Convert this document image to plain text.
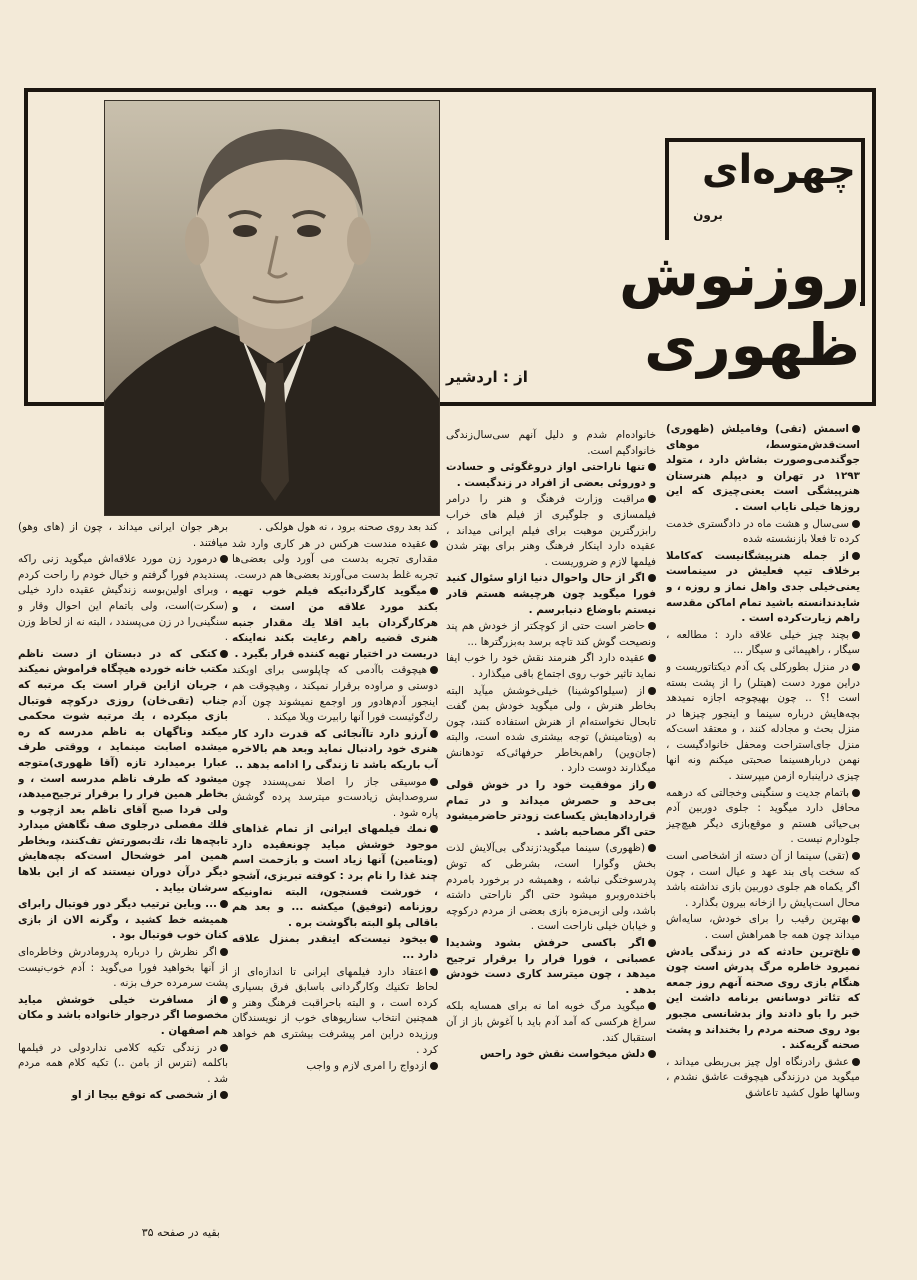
چهره‌ای
برون
روزنوش ظهوری
از : اردشیر

اسمش (تقی) وفامیلش (ظهوری) است‌قدش‌متوسط، موهای جوگندمی‌وصورت بشاش دارد ، متولد ۱۲۹۳ در تهران و دیپلم هنرستان هنرپیشگی است یعنی‌چیزی که این روزها خیلی نایاب است .

سی‌سال و هشت ماه در دادگستری خدمت کرده تا فعلا بازنشسته شده

از جمله هنرپیشگانیست که‌کاملا برخلاف تیپ فعلیش در سینماست یعنی‌خیلی جدی واهل نماز و روزه ، و شایدندانسته باشید تمام اماکن مقدسه راهم زیارت‌کرده است .

بچند چیز خیلی علاقه دارد : مطالعه ، سیگار ، راهپیمائی و سیگار ...

در منزل بطورکلی یک آدم دیکتاتوریست و دراین مورد دست (هیتلر) را از پشت بسته است !؟ .. چون بهیچوجه اجازه نمیدهد بچه‌هایش درباره سینما و اینجور چیزها در منزل بحث و مجادله کنند ، و معتقد است‌که منزل جای‌استراحت ومحفل خانوادگیست ، نهمن دربارهسینما صحبتی میکنم ونه انها چیزی دراینباره ازمن میپرسند .

باتمام جدیت و سنگینی وخجالتی که درهمه محافل دارد میگوید : جلوی دوربین آدم بی‌حیائی هستم و موقع‌بازی دیگر هیچ‌چیز جلودارم نیست .

(تقی) سینما از آن دسته از اشخاصی است که سخت پای بند عهد و عیال است ، چون اگر یکماه هم جلوی دوربین بازی نداشته باشد محال است‌پایش را ازخانه بیرون بگذارد .

بهترین رقیب را برای خودش، سایه‌اش میداند چون همه جا همراهش است .

تلخ‌ترین حادثه که در زندگی یادش نمیرود خاطره مرگ پدرش است چون هنگام بازی روی صحنه آنهم روز جمعه که تئاتر دوسانس برنامه داشت این خبر را باو دادند واز بدشانسی مجبور بود روی صحنه مردم را بخنداند و پشت صحنه گریه‌کند .

عشق رادرنگاه اول چیز بی‌ربطی میداند ، میگوید من درزندگی هیچوقت عاشق نشدم ، وسالها طول کشید تاعاشق

خانواده‌ام شدم و دلیل آنهم سی‌سال‌زندگی خانوادگیم است.

تنها ناراحتی اواز دروغگوئی و حسادت و دوروئی بعضی از افراد در زندگیست .

مراقبت وزارت فرهنگ و هنر را درامر فیلمسازی و جلوگیری از فیلم های خراب رابزرگترین موهبت برای فیلم ایرانی میداند ، عقیده دارد اینکار فرهنگ وهنر برای بهتر شدن فیلمها لازم و ضروریست .

اگر از حال واحوال دنیا ازاو سئوال کنید فورا میگوید چون هرچیشه هستم قادر نیستم باوضاع دنیابرسم .

حاضر است حتی از کوچکتر از خودش هم پند ونصیحت گوش کند تاچه برسد به‌بزرگترها ...

عقیده دارد اگر هنرمند نقش خود را خوب ایفا نماید تاثیر خوب روی اجتماع باقی میگذارد .

از (سیلوا‌کوشینا) خیلی‌خوشش میآید البته بخاطر هنرش ، ولی میگوید خودش بمن گفت تابحال نخواسته‌ام از هنرش استفاده کنند، چون به (ویتامینش) توجه بیشتری شده است، والبته (جان‌وین) راهم‌بخاطر حرفهائی‌که تودهانش میگذارند دوست دارد .

راز موفقیت خود را در خوش قولی بی‌حد و حصرش میداند و در تمام قراردادهایش یکساعت زودتر حاضرمیشود حتی اگر مصاحبه باشد .

(ظهوری) سینما میگوید:زندگی بی‌آلایش لذت بخش وگوارا است، بشرطی که توش پدرسوختگی نباشه ، وهمیشه در برخورد بامردم باخنده‌روبرو میشود حتی اگر ناراحتی داشته باشد، ولی ازبی‌مزه بازی بعضی از مردم درکوچه و خیابان خیلی ناراحت است .

اگر باکسی حرفش بشود وشدیدا عصبانی ، فورا فرار را برقرار ترجیح میدهد ، چون میترسد کاری دست خودش بدهد .

میگوید مرگ خوبه اما نه برای همسایه بلکه سراغ هرکسی که آمد آدم باید با آغوش باز از آن استقبال کند.

دلش میخواست نقش خود راحس

کند بعد روی صحنه برود ، نه هول هولکی .

عقیده مندست هرکس در هر کاری وارد شد مقداری تجربه بدست می آورد ولی بعضی‌ها تجربه غلط بدست می‌آورند بعضی‌ها هم درست.

میگوید کارگردانیکه فیلم خوب تهیه بکند مورد علاقه من است ، و هر‌کارگردان باید اقلا یك مقدار جنبه هنری قضیه راهم رعایت بکند نه‌اینکه دربست در اختیار تهیه کننده قرار بگیرد .

هیچوقت باآدمی که چاپلوسی برای اوبکند دوستی و مراوده برقرار نمیکند ، وهیچوقت هم اینجور آدم‌هادور ور اوجمع نمیشوند چون آدم رك‌گوئیست فورا آنها رابیرت ویلا میکند .

آرزو دارد تاآنجائی که قدرت دارد کار هنری خود رادنبال نماید وبعد هم بالاخره آب باریکه باشد تا زندگی را ادامه بدهد ..

موسیقی جاز را اصلا نمی‌پسندد چون سروصدایش زیادست‌و میترسد پرده گوشش پاره شود .

نمك فیلمهای ایرانی از تمام غذاهای موجود خوشش میاید چونعقیده دارد (ویتامین) آنها زیاد است و بازحمت اسم چند غذا را نام برد : کوفته تبریزی، آشجو ، خورشت فسنجون، البته نه‌اونیکه روزنامه (توفیق) میکشه ... و بعد هم باقالی پلو البته باگوشت بره .

بیخود نیست‌که اینقدر بمنزل علاقه دارد ...

اعتقاد دارد فیلمهای ایرانی تا اندازه‌ای از لحاظ تکنیك وکارگردانی باسابق فرق بسیاری کرده است ، و البته باحراقبت فرهنگ وهنر و همچنین انتخاب سناریوهای خوب از نویسندگان ورزیده دراین امر پیشرفت بیشتری هم خواهد کرد .

ازدواج را امری لازم و واجب

برهر جوان ایرانی میداند ، چون از (های وهو) میافتند .

درمورد زن مورد علاقه‌اش میگوید زنی راکه پسندیدم فورا گرفتم و خیال خودم را راحت کردم ، وبرای اولین‌بوسه زندگیش عقیده دارد خیلی (سکرت)است، ولی باتمام این احوال وقار و سنگینی‌را در زن می‌پسندد ، البته نه از لحاظ وزن .

کتکی که در دبستان از دست ناظم مکتب خانه خورده هیچگاه فراموش نمیکند ، جریان ازاین قرار است یک مرتبه که جناب (تقی‌خان) روزی درکوچه فوتبال بازی میکرده ، یك مرتبه شوت محکمی میکند وناگهان به ناظم مدرسه که ره میشده اصابت مینماید ، ووقتی طرف عبارا برمیدارد تازه (آقا ظهوری)متوجه میشود که طرف ناظم مدرسه است ، و بخاطر همین فرار را برقرار ترجیح‌میدهد، ولی فردا صبح آقای ناظم بعد ازچوب و فلك مفصلی درجلوی صف نگاهش میدارد تابچه‌ها تك، تك‌بصورتش تف‌کنند، وبخاطر همین امر خوشحال است‌که بچه‌هایش دیگر درآن دوران نیستند که از این بلاها سرشان بیاید .

... وباین ترتیب دیگر دور فوتبال رابرای همیشه خط کشید ، وگرنه الان از بازی کنان خوب فوتبال بود .

اگر نظرش را درباره پدرومادرش وخاطره‌ای از آنها بخواهید فورا می‌گوید : آدم خوب‌نیست پشت سرمرده حرف بزنه .

از مسافرت خیلی خوشش میاید مخصوصا اگر درجوار خانواده باشد و مکان هم اصفهان .

در زندگی تکیه کلامی ندارد‌ولی در فیلمها باکلمه (نترس از بامن ..) تکیه کلام همه مردم شد .

از شخصی که توقع بیجا از او

بقیه در صفحه ۳۵
